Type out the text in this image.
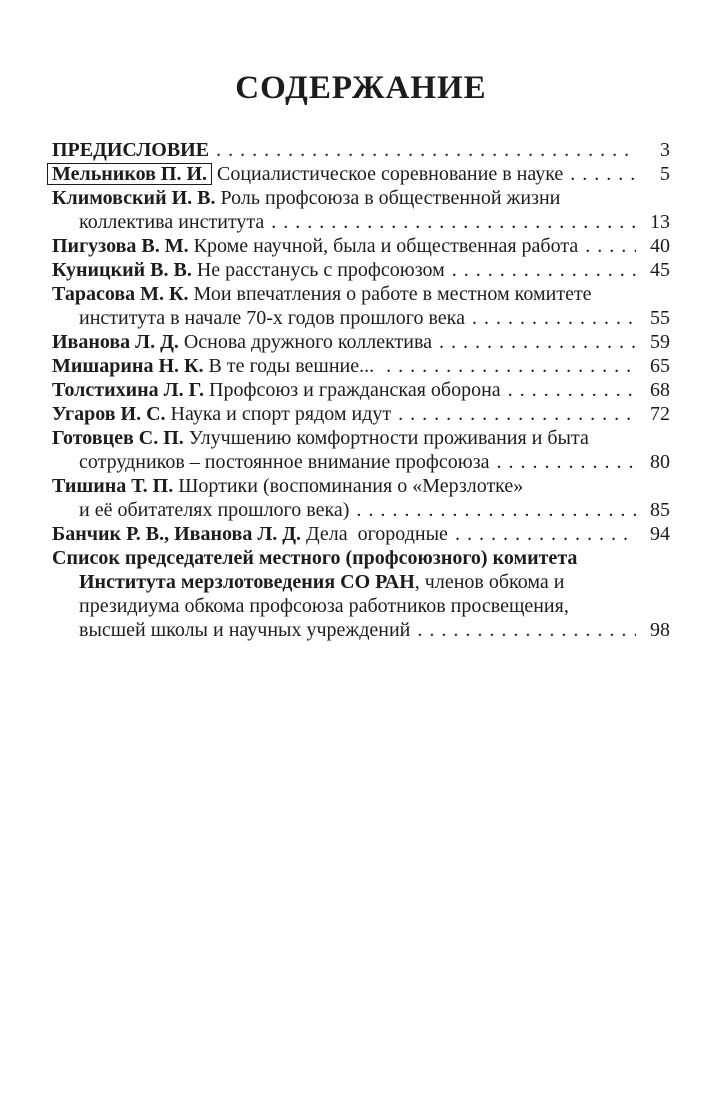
СОДЕРЖАНИЕ
ПРЕДИСЛОВИЕ .....	3
Мельников П. И. Социалистическое соревнование в науке .....	5
Климовский И. В. Роль профсоюза в общественной жизни
коллектива института .....	13
Пигузова В. М. Кроме научной, была и общественная работа .....	40
Куницкий В. В. Не расстанусь с профсоюзом .....	45
Тарасова М. К. Мои впечатления о работе в местном комитете
института в начале 70-х годов прошлого века .....	55
Иванова Л. Д. Основа дружного коллектива .....	59
Мишарина Н. К. В те годы вешние... .....	65
Толстихина Л. Г. Профсоюз и гражданская оборона .....	68
Угаров И. С. Наука и спорт рядом идут .....	72
Готовцев С. П. Улучшению комфортности проживания и быта
сотрудников – постоянное внимание профсоюза .....	80
Тишина Т. П. Шортики (воспоминания о «Мерзлотке»
и её обитателях прошлого века) .....	85
Банчик Р. В., Иванова Л. Д. Дела  огородные .....	94
Список председателей местного (профсоюзного) комитета
Института мерзлотоведения СО РАН, членов обкома и
президиума обкома профсоюза работников просвещения,
высшей школы и научных учреждений .....	98
